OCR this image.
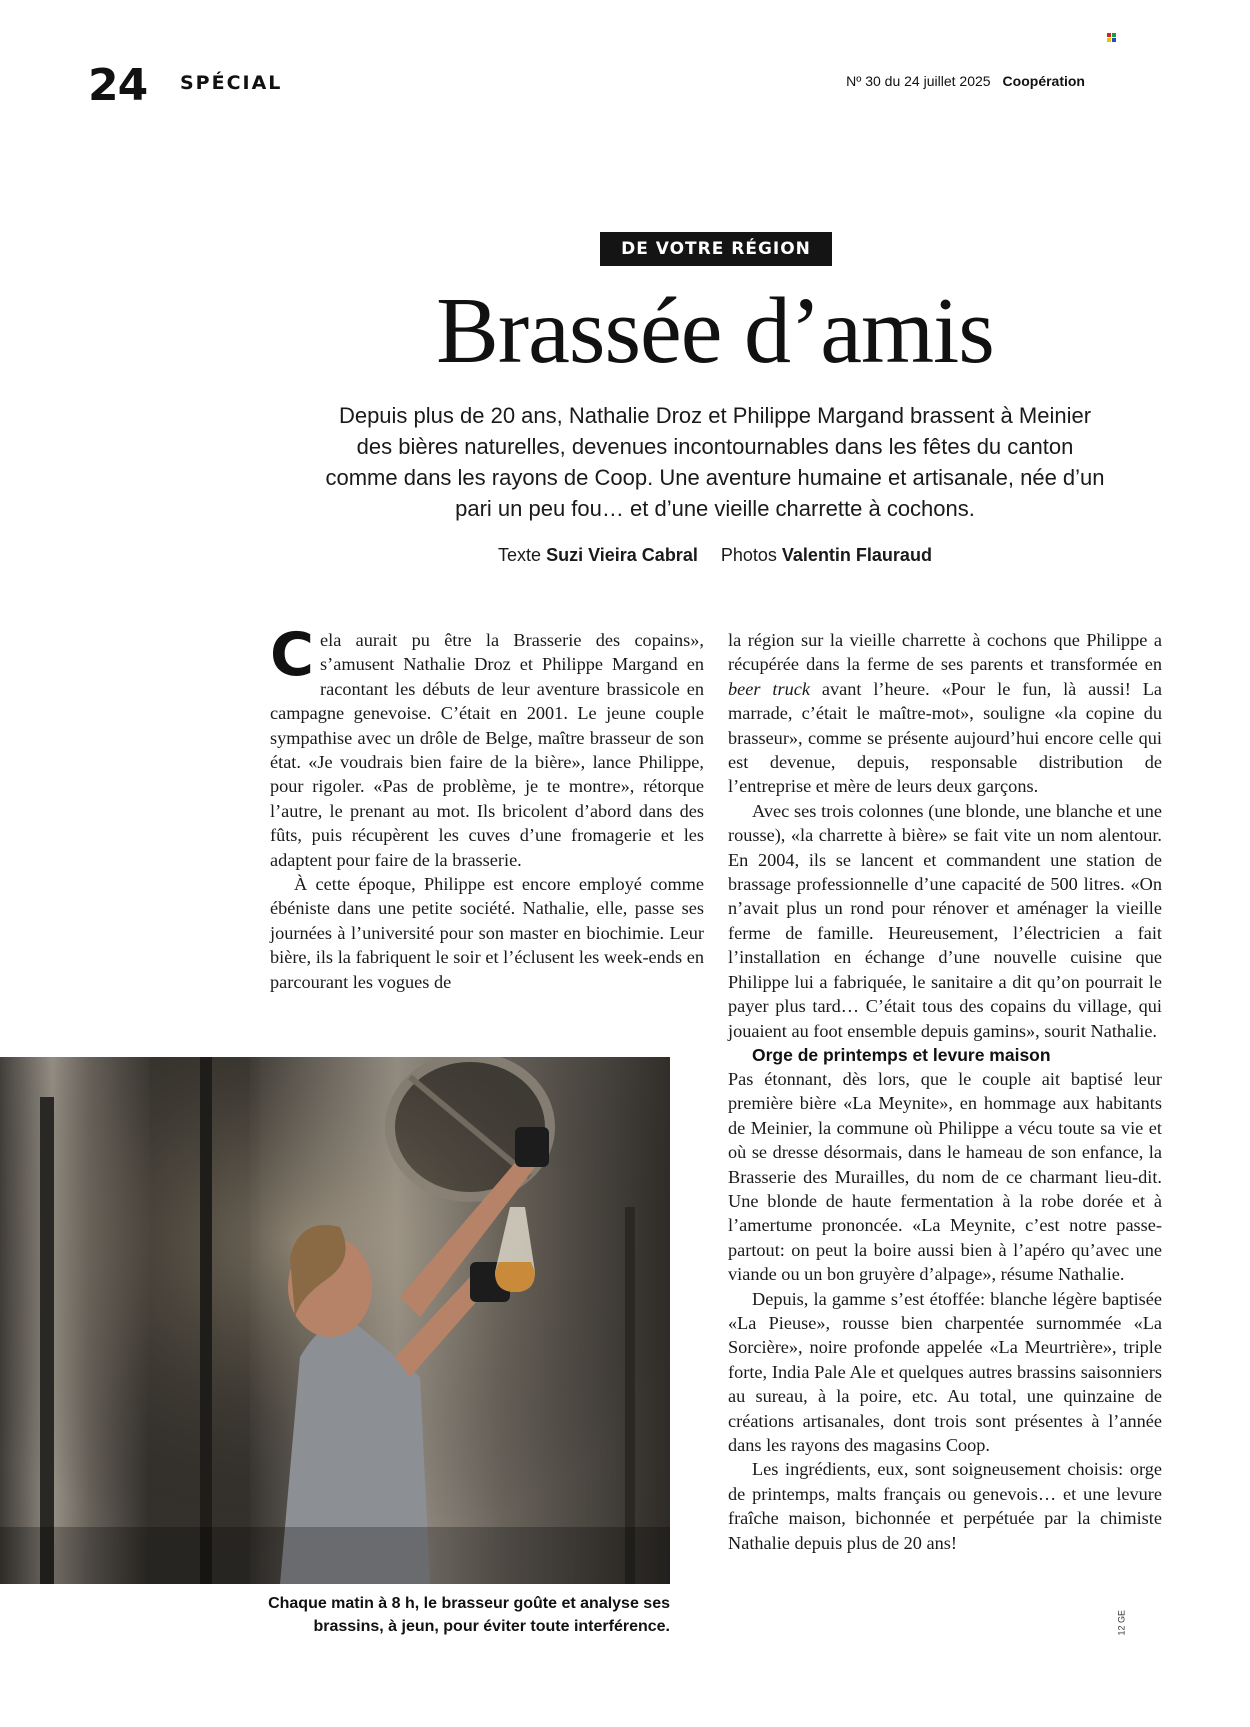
24 SPÉCIAL	Nº 30 du 24 juillet 2025 Coopération
DE VOTRE RÉGION
Brassée d’amis
Depuis plus de 20 ans, Nathalie Droz et Philippe Margand brassent à Meinier des bières naturelles, devenues incontournables dans les fêtes du canton comme dans les rayons de Coop. Une aventure humaine et artisanale, née d’un pari un peu fou… et d’une vieille charrette à cochons.
Texte Suzi Vieira Cabral Photos Valentin Flauraud

Cela aurait pu être la Brasserie des copains», s’amusent Nathalie Droz et Philippe Margand en racontant les débuts de leur aventure brassicole en campagne genevoise. C’était en 2001. Le jeune couple sympathise avec un drôle de Belge, maître brasseur de son état. «Je voudrais bien faire de la bière», lance Philippe, pour rigoler. «Pas de problème, je te montre», rétorque l’autre, le prenant au mot. Ils bricolent d’abord dans des fûts, puis récupèrent les cuves d’une fromagerie et les adaptent pour faire de la brasserie.

À cette époque, Philippe est encore employé comme ébéniste dans une petite société. Nathalie, elle, passe ses journées à l’université pour son master en biochimie. Leur bière, ils la fabriquent le soir et l’éclusent les week-ends en parcourant les vogues de

la région sur la vieille charrette à cochons que Philippe a récupérée dans la ferme de ses parents et transformée en beer truck avant l’heure. «Pour le fun, là aussi! La marrade, c’était le maître-mot», souligne «la copine du brasseur», comme se présente aujourd’hui encore celle qui est devenue, depuis, responsable distribution de l’entreprise et mère de leurs deux garçons.

Avec ses trois colonnes (une blonde, une blanche et une rousse), «la charrette à bière» se fait vite un nom alentour. En 2004, ils se lancent et commandent une station de brassage professionnelle d’une capacité de 500 litres. «On n’avait plus un rond pour rénover et aménager la vieille ferme de famille. Heureusement, l’électricien a fait l’installation en échange d’une nouvelle cuisine que Philippe lui a fabriquée, le sanitaire a dit qu’on pourrait le payer plus tard… C’était tous des copains du village, qui jouaient au foot ensemble depuis gamins», sourit Nathalie.

Orge de printemps et levure maison

Pas étonnant, dès lors, que le couple ait baptisé leur première bière «La Meynite», en hommage aux habitants de Meinier, la commune où Philippe a vécu toute sa vie et où se dresse désormais, dans le hameau de son enfance, la Brasserie des Murailles, du nom de ce charmant lieu-dit. Une blonde de haute fermentation à la robe dorée et à l’amertume prononcée. «La Meynite, c’est notre passe-partout: on peut la boire aussi bien à l’apéro qu’avec une viande ou un bon gruyère d’alpage», résume Nathalie.

Depuis, la gamme s’est étoffée: blanche légère baptisée «La Pieuse», rousse bien charpentée surnommée «La Sorcière», noire profonde appelée «La Meurtrière», triple forte, India Pale Ale et quelques autres brassins saisonniers au sureau, à la poire, etc. Au total, une quinzaine de créations artisanales, dont trois sont présentes à l’année dans les rayons des magasins Coop.

Les ingrédients, eux, sont soigneusement choisis: orge de printemps, malts français ou genevois… et une levure fraîche maison, bichonnée et perpétuée par la chimiste Nathalie depuis plus de 20 ans!

Chaque matin à 8 h, le brasseur goûte et analyse ses brassins, à jeun, pour éviter toute interférence.	12 GE
